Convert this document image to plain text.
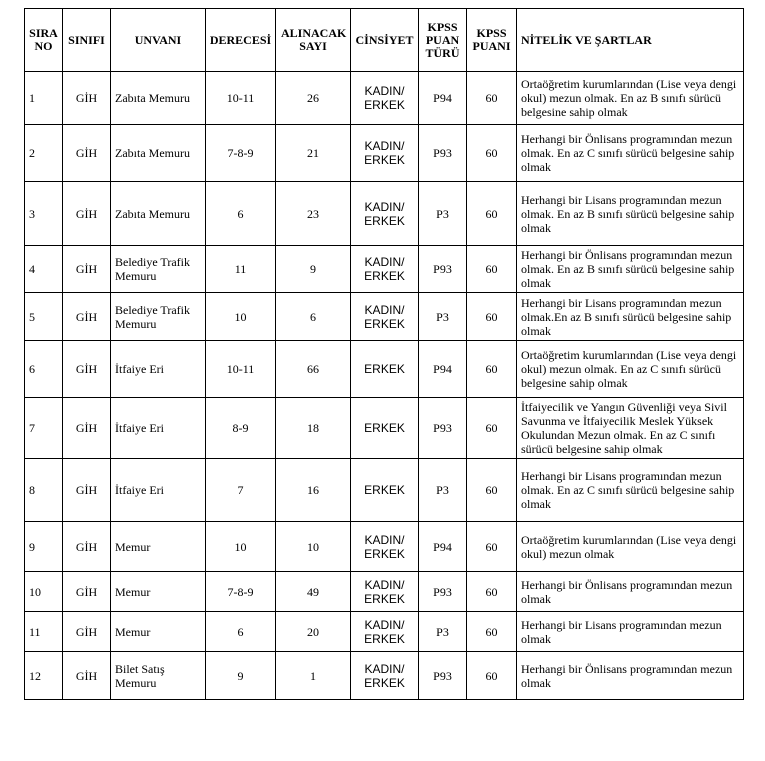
SIRA NO	SINIFI	UNVANI	DERECESİ	ALINACAK SAYI	CİNSİYET	KPSS PUAN TÜRÜ	KPSS PUANI	NİTELİK VE ŞARTLAR
1	GİH	Zabıta Memuru	10-11	26	KADIN/ ERKEK	P94	60	Ortaöğretim kurumlarından (Lise veya dengi okul) mezun olmak. En az B sınıfı sürücü belgesine sahip olmak
2	GİH	Zabıta Memuru	7-8-9	21	KADIN/ ERKEK	P93	60	Herhangi bir Önlisans programından mezun olmak. En az C sınıfı sürücü belgesine sahip olmak
3	GİH	Zabıta Memuru	6	23	KADIN/ ERKEK	P3	60	Herhangi bir Lisans programından mezun olmak. En az B sınıfı sürücü belgesine sahip olmak
4	GİH	Belediye Trafik Memuru	11	9	KADIN/ ERKEK	P93	60	Herhangi bir Önlisans programından mezun olmak. En az B sınıfı sürücü belgesine sahip olmak
5	GİH	Belediye Trafik Memuru	10	6	KADIN/ ERKEK	P3	60	Herhangi bir Lisans programından mezun olmak.En az B sınıfı sürücü belgesine sahip olmak
6	GİH	İtfaiye Eri	10-11	66	ERKEK	P94	60	Ortaöğretim kurumlarından (Lise veya dengi okul) mezun olmak. En az C sınıfı sürücü belgesine sahip olmak
7	GİH	İtfaiye Eri	8-9	18	ERKEK	P93	60	İtfaiyecilik ve Yangın Güvenliği veya Sivil Savunma ve İtfaiyecilik Meslek Yüksek Okulundan Mezun olmak. En az C sınıfı sürücü belgesine sahip olmak
8	GİH	İtfaiye Eri	7	16	ERKEK	P3	60	Herhangi bir Lisans programından mezun olmak. En az C sınıfı sürücü belgesine sahip olmak
9	GİH	Memur	10	10	KADIN/ ERKEK	P94	60	Ortaöğretim kurumlarından (Lise veya dengi okul) mezun olmak
10	GİH	Memur	7-8-9	49	KADIN/ ERKEK	P93	60	Herhangi bir Önlisans programından mezun olmak
11	GİH	Memur	6	20	KADIN/ ERKEK	P3	60	Herhangi bir Lisans programından mezun olmak
12	GİH	Bilet Satış Memuru	9	1	KADIN/ ERKEK	P93	60	Herhangi bir Önlisans programından mezun olmak
